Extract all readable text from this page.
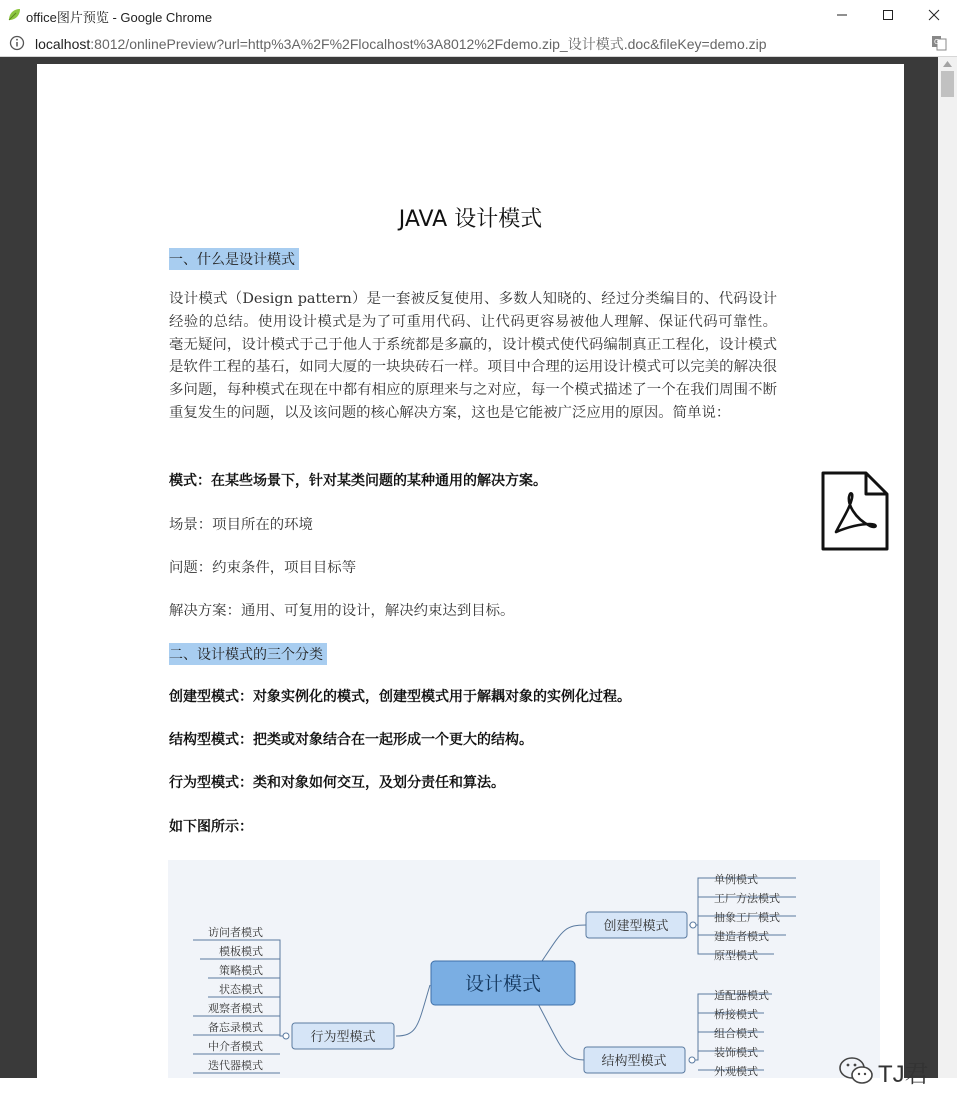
office图片预览 - Google Chrome
localhost:8012/onlinePreview?url=http%3A%2F%2Flocalhost%3A8012%2Fdemo.zip_设计模式.doc&fileKey=demo.zip	G
JAVA 设计模式
一、什么是设计模式
设计模式（Design pattern）是一套被反复使用、多数人知晓的、经过分类编目的、代码设计经验的总结。使用设计模式是为了可重用代码、让代码更容易被他人理解、保证代码可靠性。 毫无疑问，设计模式于己于他人于系统都是多赢的，设计模式使代码编制真正工程化，设计模式是软件工程的基石，如同大厦的一块块砖石一样。项目中合理的运用设计模式可以完美的解决很多问题，每种模式在现在中都有相应的原理来与之对应，每一个模式描述了一个在我们周围不断重复发生的问题，以及该问题的核心解决方案，这也是它能被广泛应用的原因。简单说：
模式：在某些场景下，针对某类问题的某种通用的解决方案。
场景：项目所在的环境
问题：约束条件，项目目标等
解决方案：通用、可复用的设计，解决约束达到目标。
二、设计模式的三个分类
创建型模式：对象实例化的模式，创建型模式用于解耦对象的实例化过程。
结构型模式：把类或对象结合在一起形成一个更大的结构。
行为型模式：类和对象如何交互，及划分责任和算法。
如下图所示：
设计模式
创建型模式
结构型模式
行为型模式
单例模式
工厂方法模式
抽象工厂模式
建造者模式
原型模式
适配器模式
桥接模式
组合模式
装饰模式
外观模式
访问者模式
模板模式
策略模式
状态模式
观察者模式
备忘录模式
中介者模式
迭代器模式	TJ君
